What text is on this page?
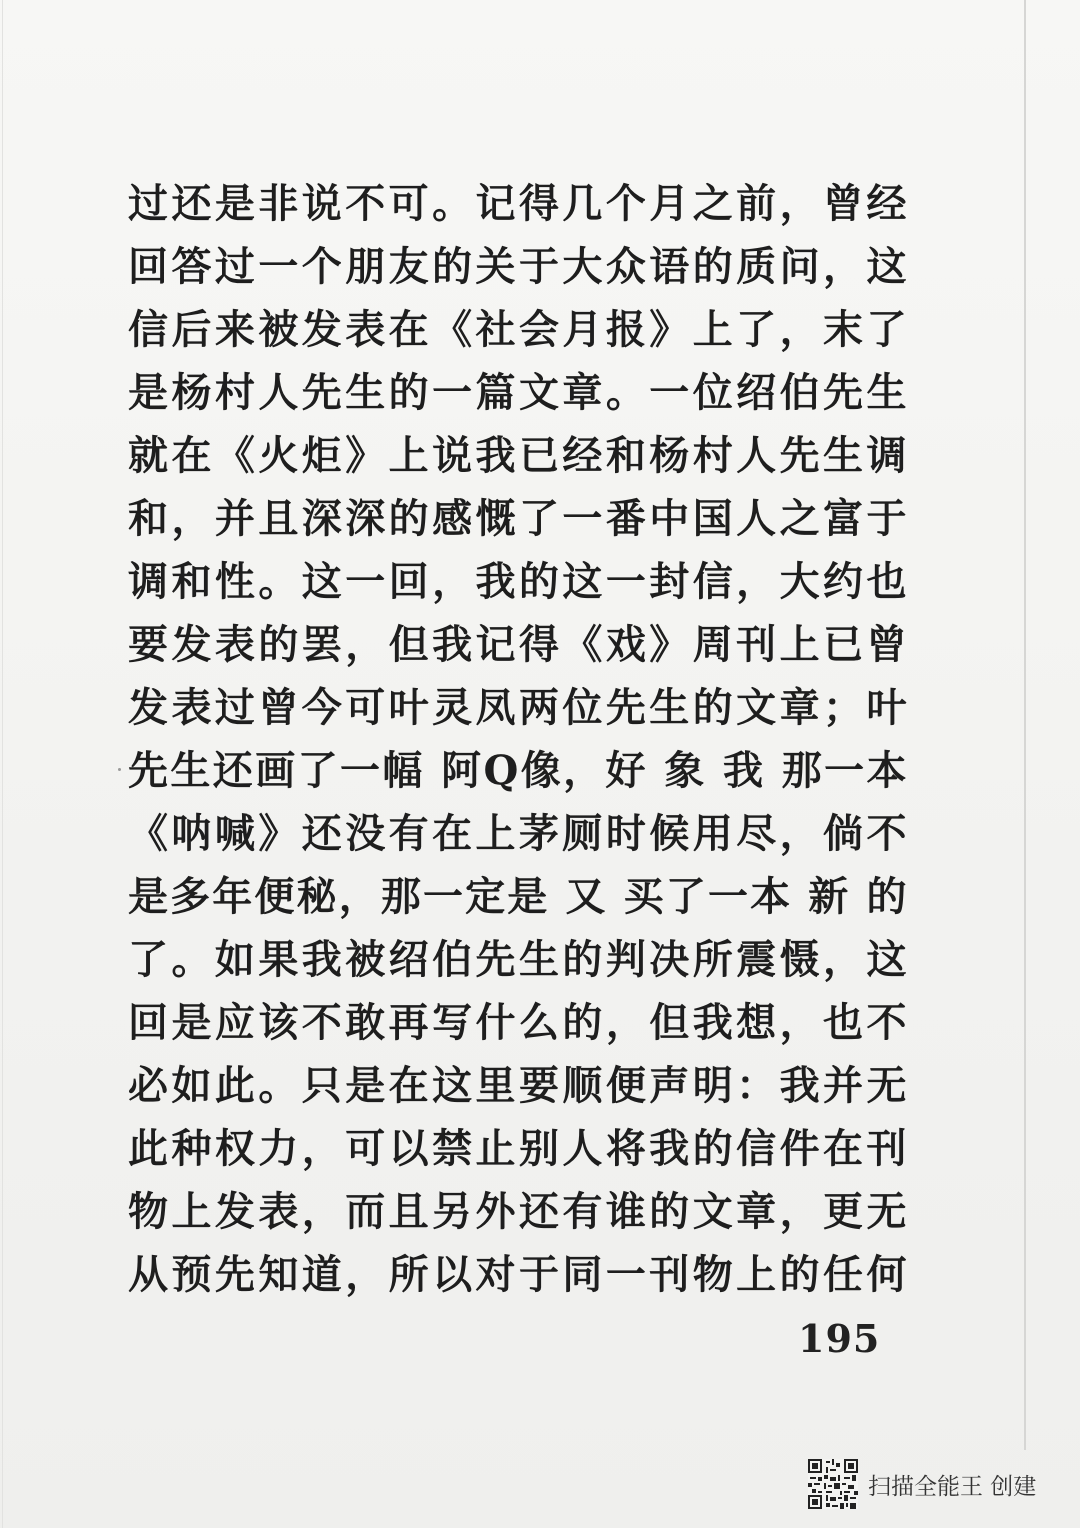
过还是非说不可。记得几个月之前，曾经
回答过一个朋友的关于大众语的质问，这
信后来被发表在《社会月报》上了，末了
是杨村人先生的一篇文章。一位绍伯先生
就在《火炬》上说我已经和杨村人先生调
和，并且深深的感慨了一番中国人之富于
调和性。这一回，我的这一封信，大约也
要发表的罢，但我记得《戏》周刊上已曾
发表过曾今可叶灵凤两位先生的文章；叶
先生还画了一幅 阿Q像，好 象 我 那一本
《呐喊》还没有在上茅厕时候用尽，倘不
是多年便秘，那一定是 又 买了一本 新 的
了。如果我被绍伯先生的判决所震慑，这
回是应该不敢再写什么的，但我想，也不
必如此。只是在这里要顺便声明：我并无
此种权力，可以禁止别人将我的信件在刊
物上发表，而且另外还有谁的文章，更无
从预先知道，所以对于同一刊物上的任何
195
扫描全能王 创建
